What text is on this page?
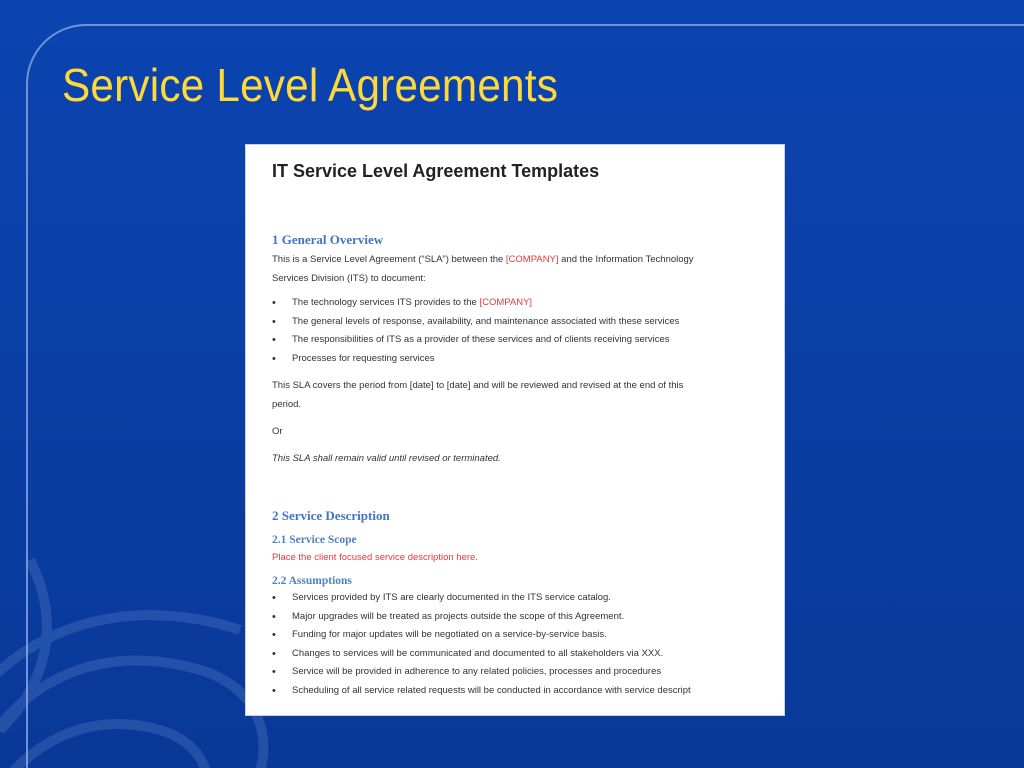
Service Level Agreements
IT Service Level Agreement Templates
1 General Overview

This is a Service Level Agreement (“SLA”) between the [COMPANY] and the Information Technology

Services Division (ITS) to document:

• The technology services ITS provides to the [COMPANY]
• The general levels of response, availability, and maintenance associated with these services
• The responsibilities of ITS as a provider of these services and of clients receiving services
• Processes for requesting services

This SLA covers the period from [date] to [date] and will be reviewed and revised at the end of this

period.

Or

This SLA shall remain valid until revised or terminated.

2 Service Description
2.1 Service Scope

Place the client focused service description here.

2.2 Assumptions
• Services provided by ITS are clearly documented in the ITS service catalog.
• Major upgrades will be treated as projects outside the scope of this Agreement.
• Funding for major updates will be negotiated on a service-by-service basis.
• Changes to services will be communicated and documented to all stakeholders via XXX.
• Service will be provided in adherence to any related policies, processes and procedures
• Scheduling of all service related requests will be conducted in accordance with service descript
